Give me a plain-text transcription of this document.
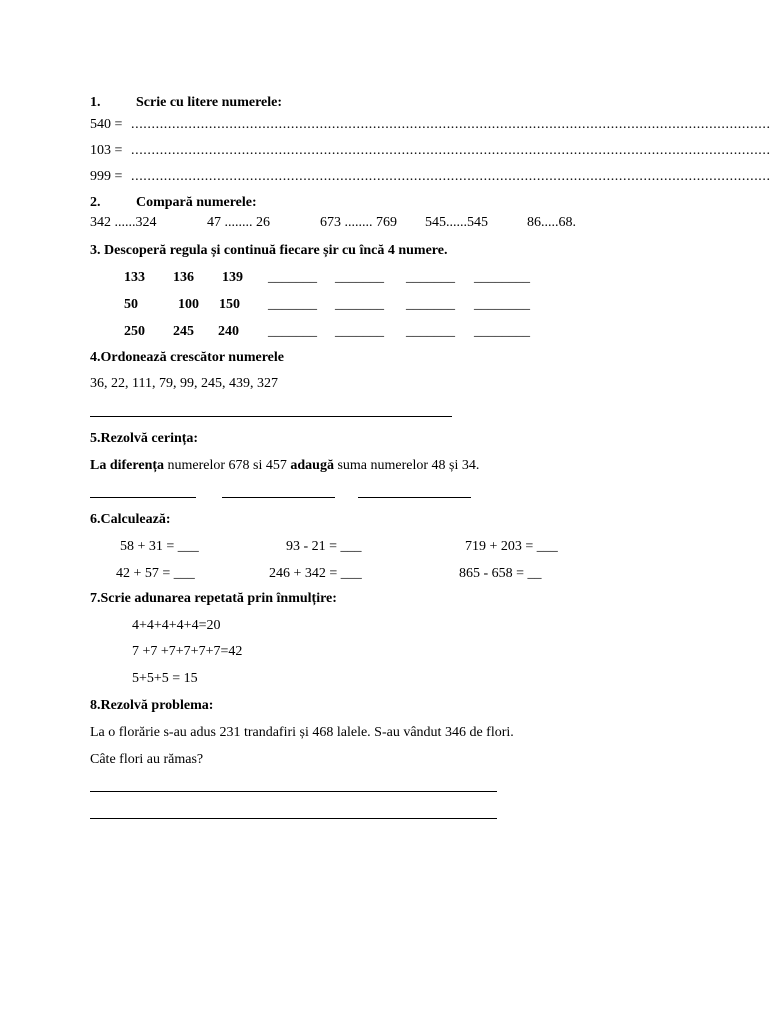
1.	Scrie cu litere numerele:
540 = ............................................................................................................................................................
103 = ............................................................................................................................................................
999 = ............................................................................................................................................................
2.	Compară numerele:
342 ......324	47 ........ 26	673 ........ 769 545......545	86.....68.
3. Descoperă regula și continuă fiecare șir cu încă 4 numere.
133 136 139 _______ _______ _______ ________
50	100 150 _______ _______ _______ ________
250 245 240 _______ _______ _______ ________
4.Ordonează crescător numerele
36, 22, 111, 79, 99, 245, 439, 327
5.Rezolvă cerința:
La diferența numerelor 678 si 457 adaugă suma numerelor 48 și 34.
6.Calculează:
58 + 31 = ___	93 - 21 = ___	719 + 203 = ___
42 + 57 = ___	246 + 342 = ___	865 - 658 = __
7.Scrie adunarea repetată prin înmulțire:
4+4+4+4+4=20
7 +7 +7+7+7+7=42
5+5+5 = 15
8.Rezolvă problema:
La o florărie s-au adus 231 trandafiri și 468 lalele. S-au vândut 346 de flori.
Câte flori au rămas?
